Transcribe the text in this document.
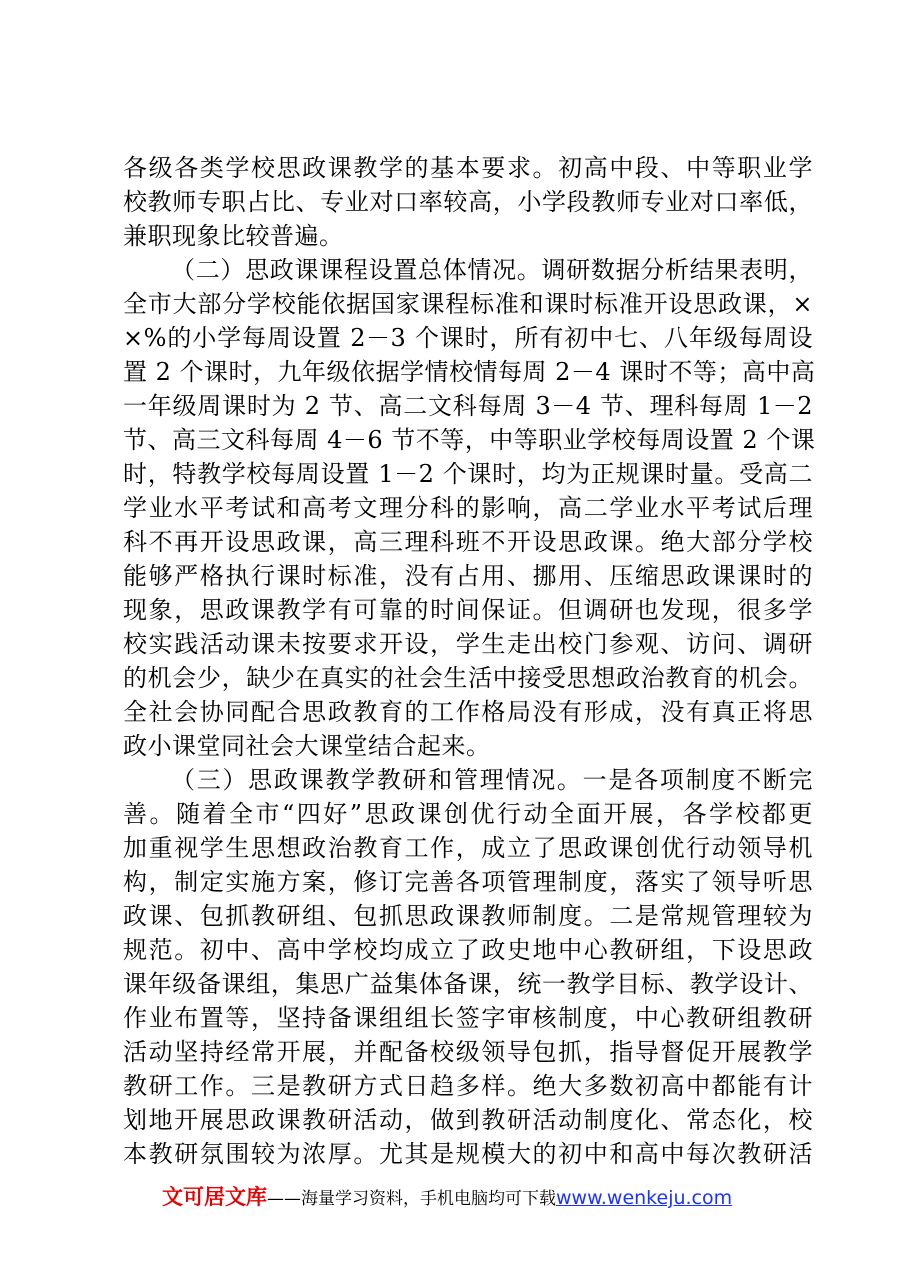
各级各类学校思政课教学的基本要求。初高中段、中等职业学
校教师专职占比、专业对口率较高，小学段教师专业对口率低，
兼职现象比较普遍。
（二）思政课课程设置总体情况。调研数据分析结果表明，
全市大部分学校能依据国家课程标准和课时标准开设思政课，×
×%的小学每周设置 2－3 个课时，所有初中七、八年级每周设
置 2 个课时，九年级依据学情校情每周 2－4 课时不等；高中高
一年级周课时为 2 节、高二文科每周 3－4 节、理科每周 1－2
节、高三文科每周 4－6 节不等，中等职业学校每周设置 2 个课
时，特教学校每周设置 1－2 个课时，均为正规课时量。受高二
学业水平考试和高考文理分科的影响，高二学业水平考试后理
科不再开设思政课，高三理科班不开设思政课。绝大部分学校
能够严格执行课时标准，没有占用、挪用、压缩思政课课时的
现象，思政课教学有可靠的时间保证。但调研也发现，很多学
校实践活动课未按要求开设，学生走出校门参观、访问、调研
的机会少，缺少在真实的社会生活中接受思想政治教育的机会。
全社会协同配合思政教育的工作格局没有形成，没有真正将思
政小课堂同社会大课堂结合起来。
（三）思政课教学教研和管理情况。一是各项制度不断完
善。随着全市“四好”思政课创优行动全面开展，各学校都更
加重视学生思想政治教育工作，成立了思政课创优行动领导机
构，制定实施方案，修订完善各项管理制度，落实了领导听思
政课、包抓教研组、包抓思政课教师制度。二是常规管理较为
规范。初中、高中学校均成立了政史地中心教研组，下设思政
课年级备课组，集思广益集体备课，统一教学目标、教学设计、
作业布置等，坚持备课组组长签字审核制度，中心教研组教研
活动坚持经常开展，并配备校级领导包抓，指导督促开展教学
教研工作。三是教研方式日趋多样。绝大多数初高中都能有计
划地开展思政课教研活动，做到教研活动制度化、常态化，校
本教研氛围较为浓厚。尤其是规模大的初中和高中每次教研活
文可居文库——海量学习资料，手机电脑均可下载www.wenkeju.com
